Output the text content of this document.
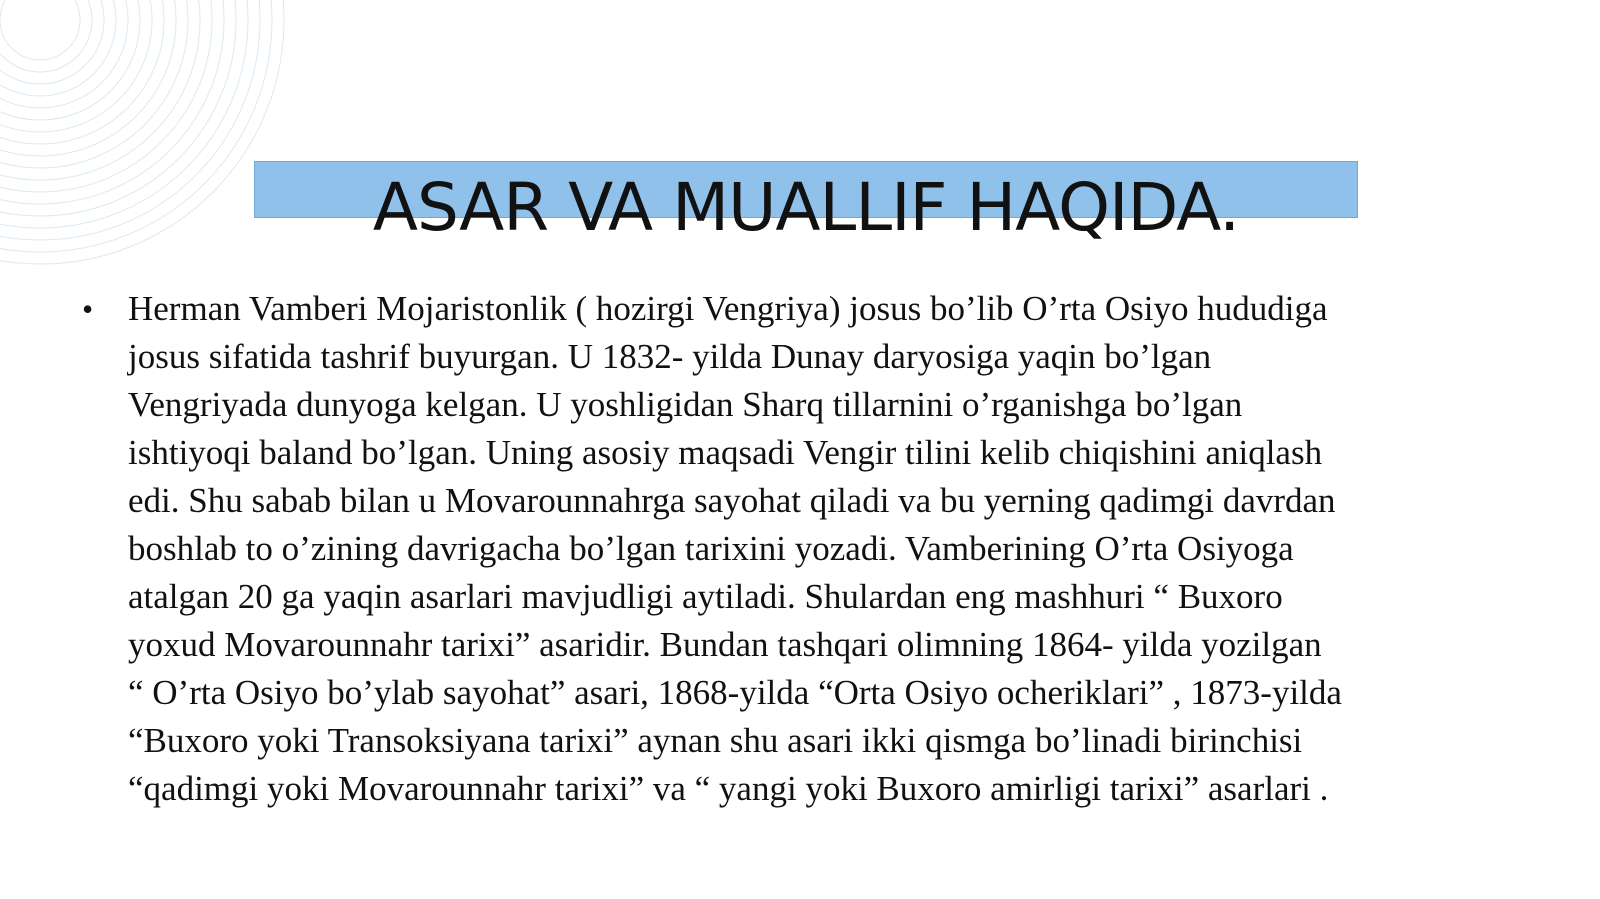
ASAR VA MUALLIF HAQIDA.
• Herman Vamberi Mojaristonlik ( hozirgi Vengriya) josus bo’lib O’rta Osiyo hududiga
josus sifatida tashrif buyurgan. U 1832- yilda Dunay daryosiga yaqin bo’lgan
Vengriyada dunyoga kelgan. U yoshligidan Sharq tillarnini o’rganishga bo’lgan
ishtiyoqi baland bo’lgan. Uning asosiy maqsadi Vengir tilini kelib chiqishini aniqlash
edi. Shu sabab bilan u Movarounnahrga sayohat qiladi va bu yerning qadimgi davrdan
boshlab to o’zining davrigacha bo’lgan tarixini yozadi. Vamberining O’rta Osiyoga
atalgan 20 ga yaqin asarlari mavjudligi aytiladi. Shulardan eng mashhuri “ Buxoro
yoxud Movarounnahr tarixi” asaridir. Bundan tashqari olimning 1864- yilda yozilgan
“ O’rta Osiyo bo’ylab sayohat” asari, 1868-yilda “Orta Osiyo ocheriklari” , 1873-yilda
“Buxoro yoki Transoksiyana tarixi” aynan shu asari ikki qismga bo’linadi birinchisi
“qadimgi yoki Movarounnahr tarixi” va “ yangi yoki Buxoro amirligi tarixi” asarlari .
